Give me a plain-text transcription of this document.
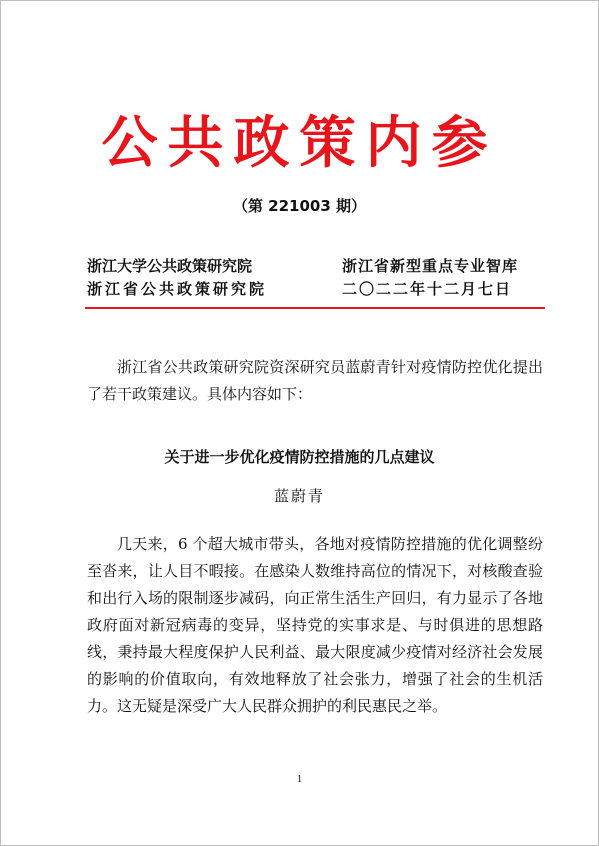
公共政策内参
（第 221003 期）
浙江大学公共政策研究院
浙江省公共政策研究院
浙江省新型重点专业智库
二〇二二年十二月七日

浙江省公共政策研究院资深研究员蓝蔚青针对疫情防控优化提出了若干政策建议。具体内容如下：

关于进一步优化疫情防控措施的几点建议
蓝蔚青

几天来，6 个超大城市带头，各地对疫情防控措施的优化调整纷至沓来，让人目不暇接。在感染人数维持高位的情况下，对核酸查验和出行入场的限制逐步减码，向正常生活生产回归，有力显示了各地政府面对新冠病毒的变异，坚持党的实事求是、与时俱进的思想路线，秉持最大程度保护人民利益、最大限度减少疫情对经济社会发展的影响的价值取向，有效地释放了社会张力，增强了社会的生机活力。这无疑是深受广大人民群众拥护的利民惠民之举。

1
